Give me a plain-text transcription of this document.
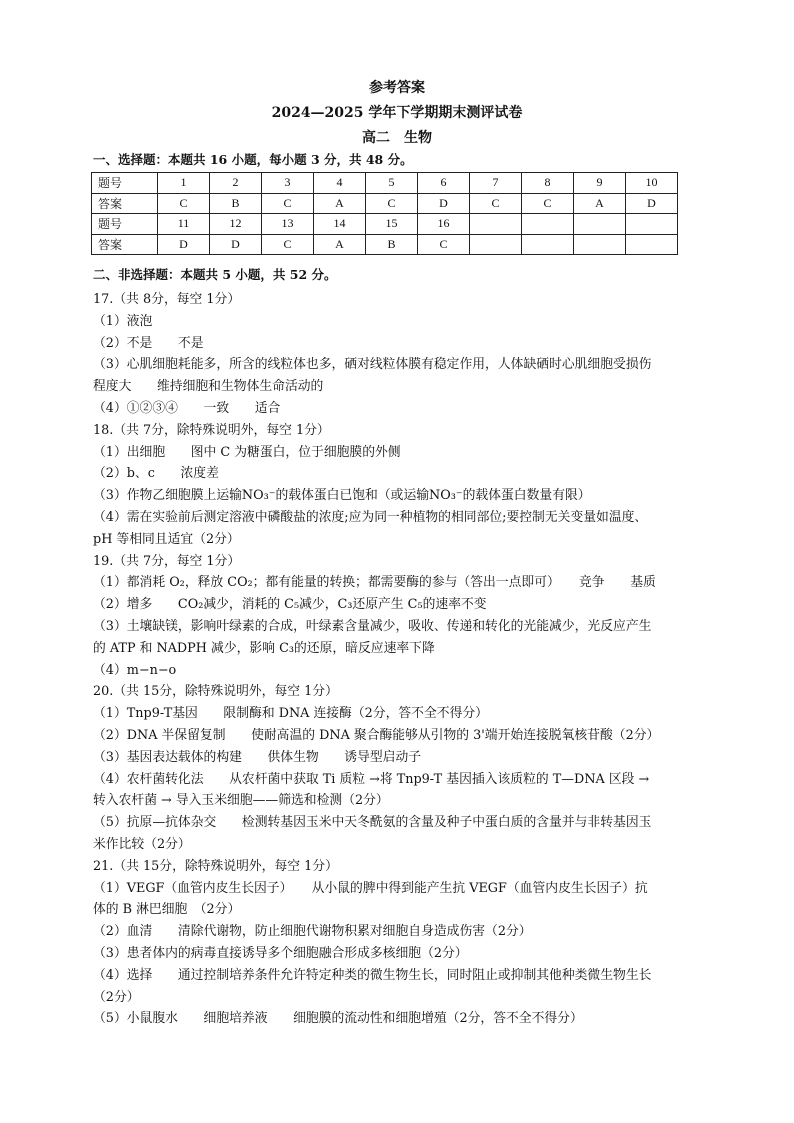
参考答案
2024—2025 学年下学期期末测评试卷
高二　生物
一、选择题：本题共 16 小题，每小题 3 分，共 48 分。
题号	1	2	3	4	5	6	7	8	9	10
答案	C	B	C	A	C	D	C	C	A	D
题号	11	12	13	14	15	16				
答案	D	D	C	A	B	C				
二、非选择题：本题共 5 小题，共 52 分。

17.（共 8分，每空 1分）

（1）液泡

（2）不是　　不是

（3）心肌细胞耗能多，所含的线粒体也多，硒对线粒体膜有稳定作用，人体缺硒时心肌细胞受损伤

程度大　　维持细胞和生物体生命活动的

（4）①②③④　　一致　　适合

18.（共 7分，除特殊说明外，每空 1分）

（1）出细胞　　图中 C 为糖蛋白，位于细胞膜的外侧

（2）b、c　　浓度差

（3）作物乙细胞膜上运输NO₃⁻的载体蛋白已饱和（或运输NO₃⁻的载体蛋白数量有限）

（4）需在实验前后测定溶液中磷酸盐的浓度;应为同一种植物的相同部位;要控制无关变量如温度、

pH 等相同且适宜（2分）

19.（共 7分，每空 1分）

（1）都消耗 O₂，释放 CO₂；都有能量的转换；都需要酶的参与（答出一点即可）　　竞争　　基质

（2）增多　　CO₂减少，消耗的 C₅减少，C₃还原产生 C₅的速率不变

（3）土壤缺镁，影响叶绿素的合成，叶绿素含量减少，吸收、传递和转化的光能减少，光反应产生

的 ATP 和 NADPH 减少，影响 C₃的还原，暗反应速率下降

（4）m−n−o

20.（共 15分，除特殊说明外，每空 1分）

（1）Tnp9-T基因　　限制酶和 DNA 连接酶（2分，答不全不得分）

（2）DNA 半保留复制　　使耐高温的 DNA 聚合酶能够从引物的 3'端开始连接脱氧核苷酸（2分）

（3）基因表达载体的构建　　供体生物　　诱导型启动子

（4）农杆菌转化法　　从农杆菌中获取 Ti 质粒 →将 Tnp9-T 基因插入该质粒的 T—DNA 区段 →

转入农杆菌 → 导入玉米细胞——筛选和检测（2分）

（5）抗原—抗体杂交　　检测转基因玉米中天冬酰氨的含量及种子中蛋白质的含量并与非转基因玉

米作比较（2分）

21.（共 15分，除特殊说明外，每空 1分）

（1）VEGF（血管内皮生长因子）　　从小鼠的脾中得到能产生抗 VEGF（血管内皮生长因子）抗

体的 B 淋巴细胞　（2分）

（2）血清　　清除代谢物，防止细胞代谢物积累对细胞自身造成伤害（2分）

（3）患者体内的病毒直接诱导多个细胞融合形成多核细胞（2分）

（4）选择　　通过控制培养条件允许特定种类的微生物生长，同时阻止或抑制其他种类微生物生长

（2分）

（5）小鼠腹水　　细胞培养液　　细胞膜的流动性和细胞增殖（2分，答不全不得分）
